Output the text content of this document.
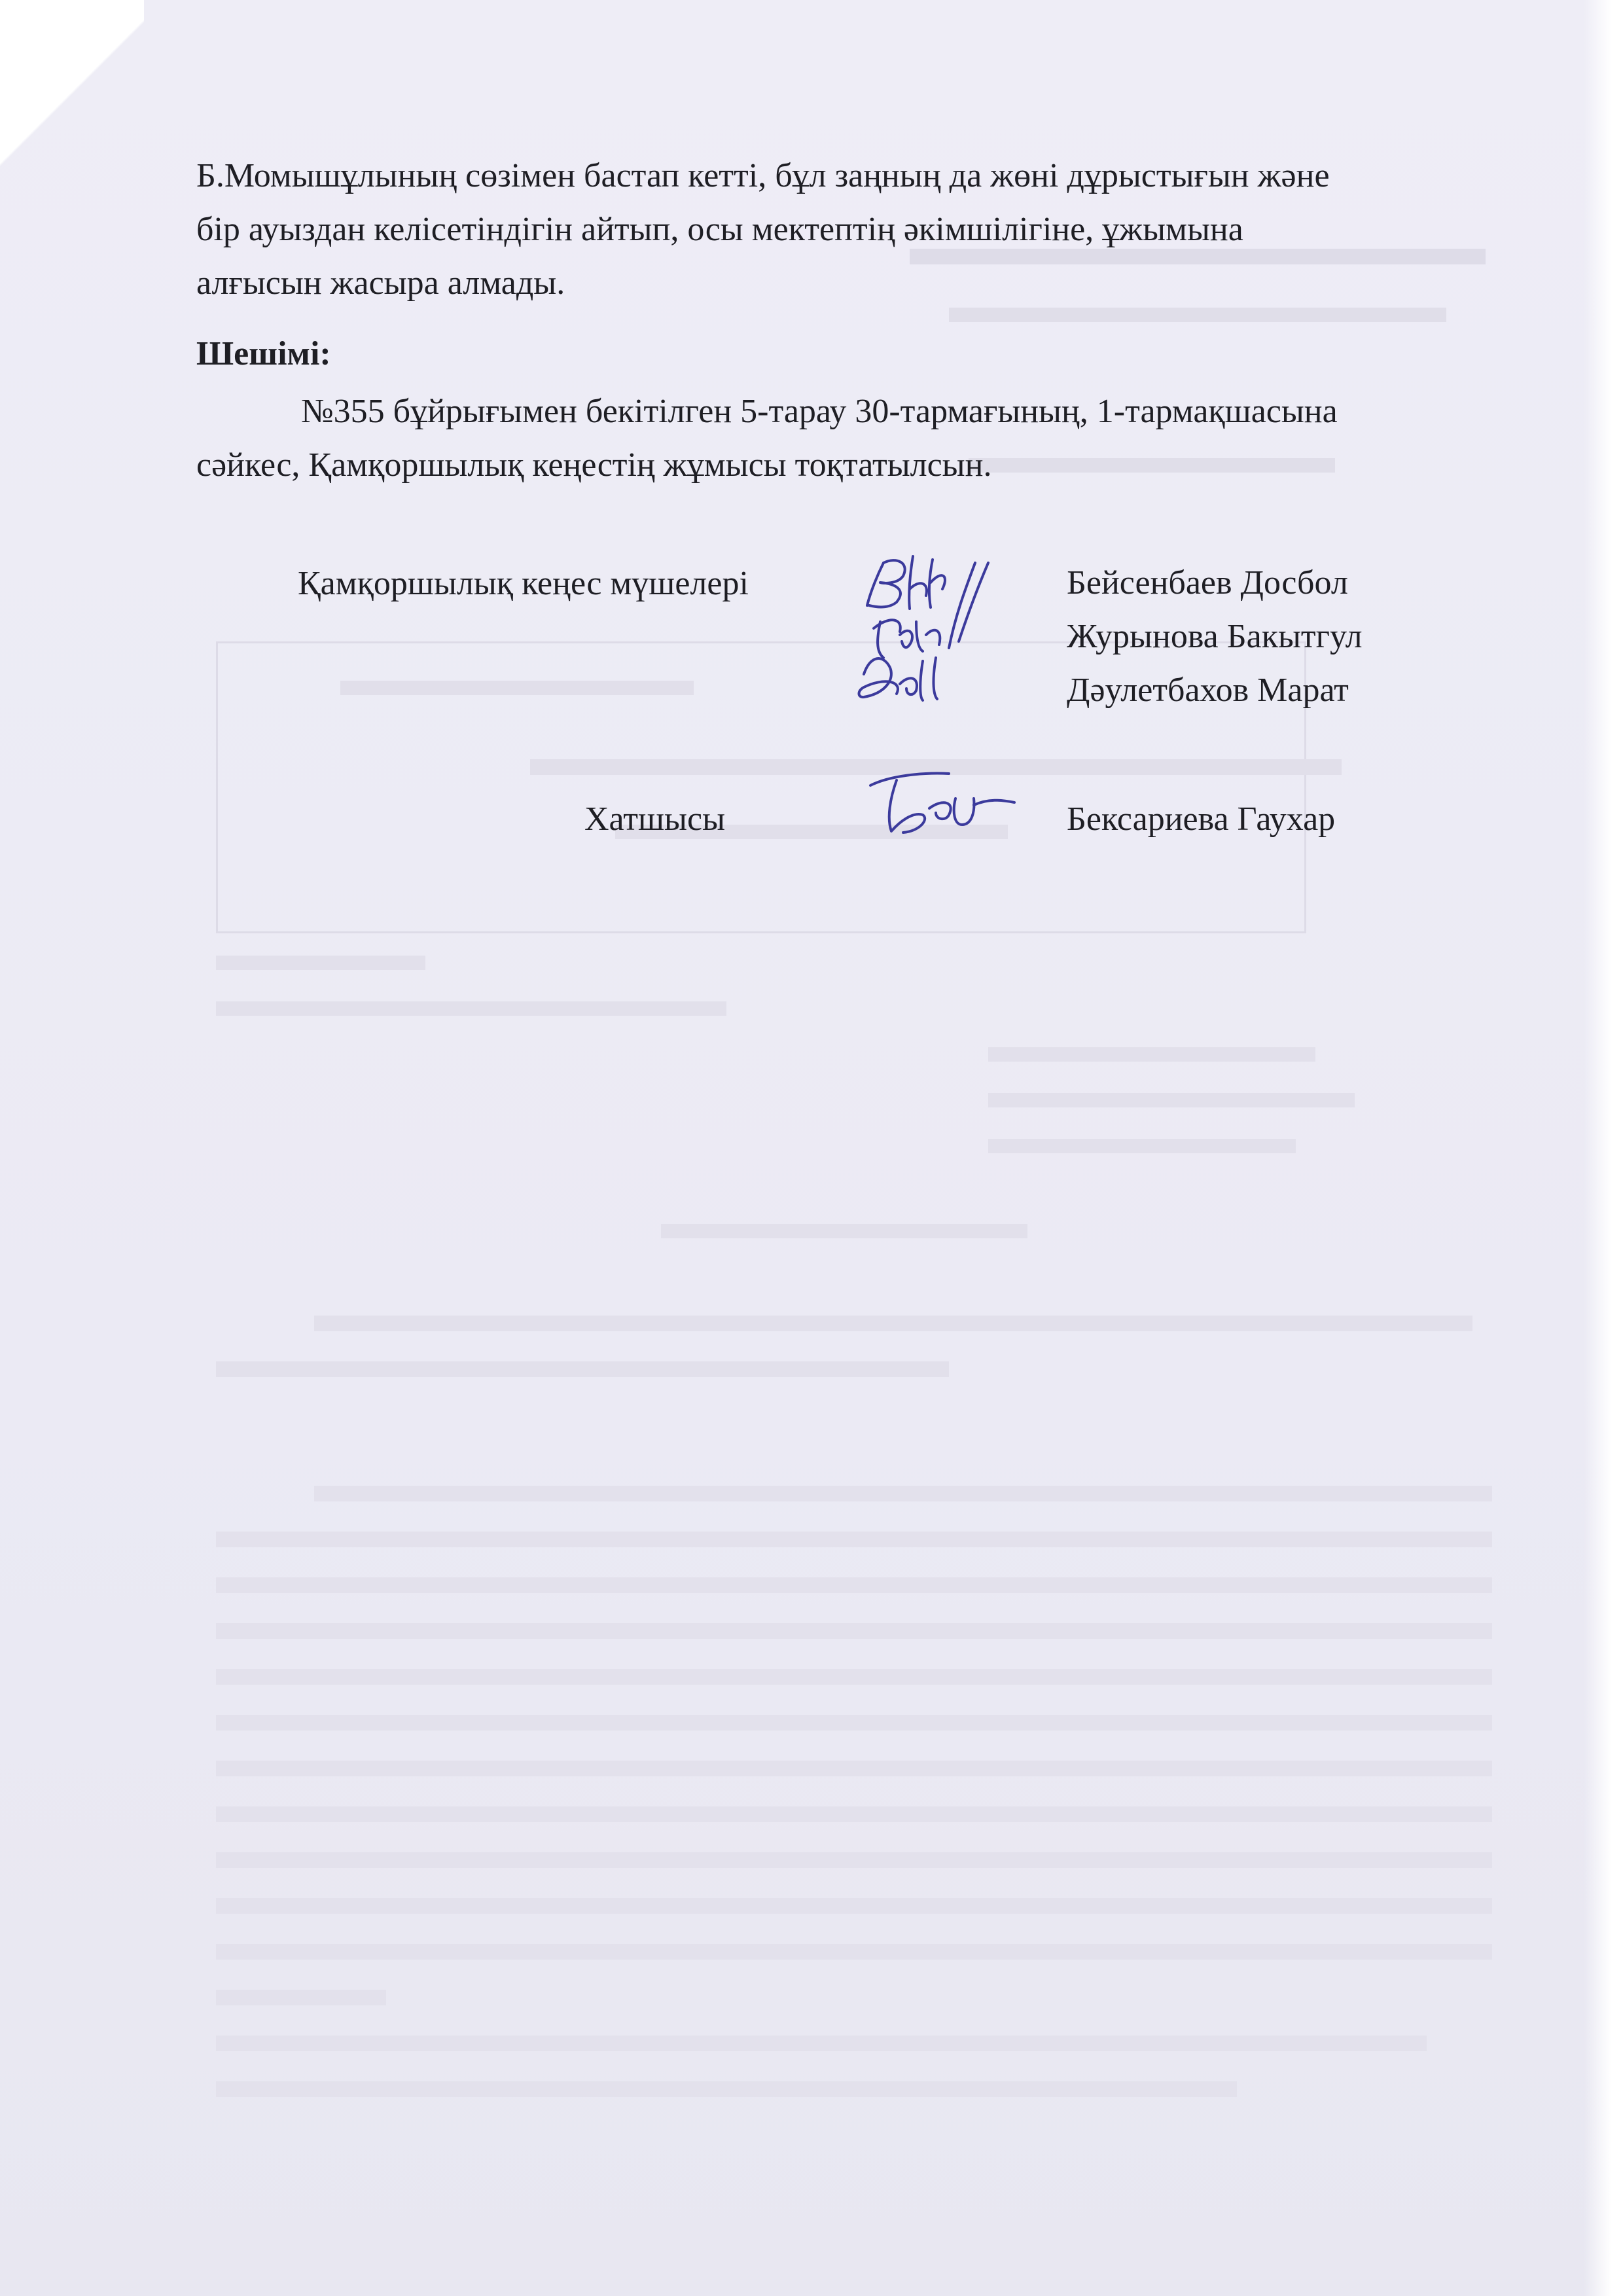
Б.Момышұлының сөзімен бастап кетті, бұл заңның да жөні дұрыстығын және
бір ауыздан келісетіндігін айтып, осы мектептің әкімшілігіне, ұжымына
алғысын жасыра алмады.
Шешімі:
№355 бұйрығымен бекітілген 5-тарау 30-тармағының, 1-тармақшасына
сәйкес, Қамқоршылық кеңестің жұмысы тоқтатылсын.
Қамқоршылық кеңес мүшелері	Бейсенбаев Досбол
Журынова Бакытгул
Дәулетбахов Марат
Хатшысы	Бексариева Гаухар
